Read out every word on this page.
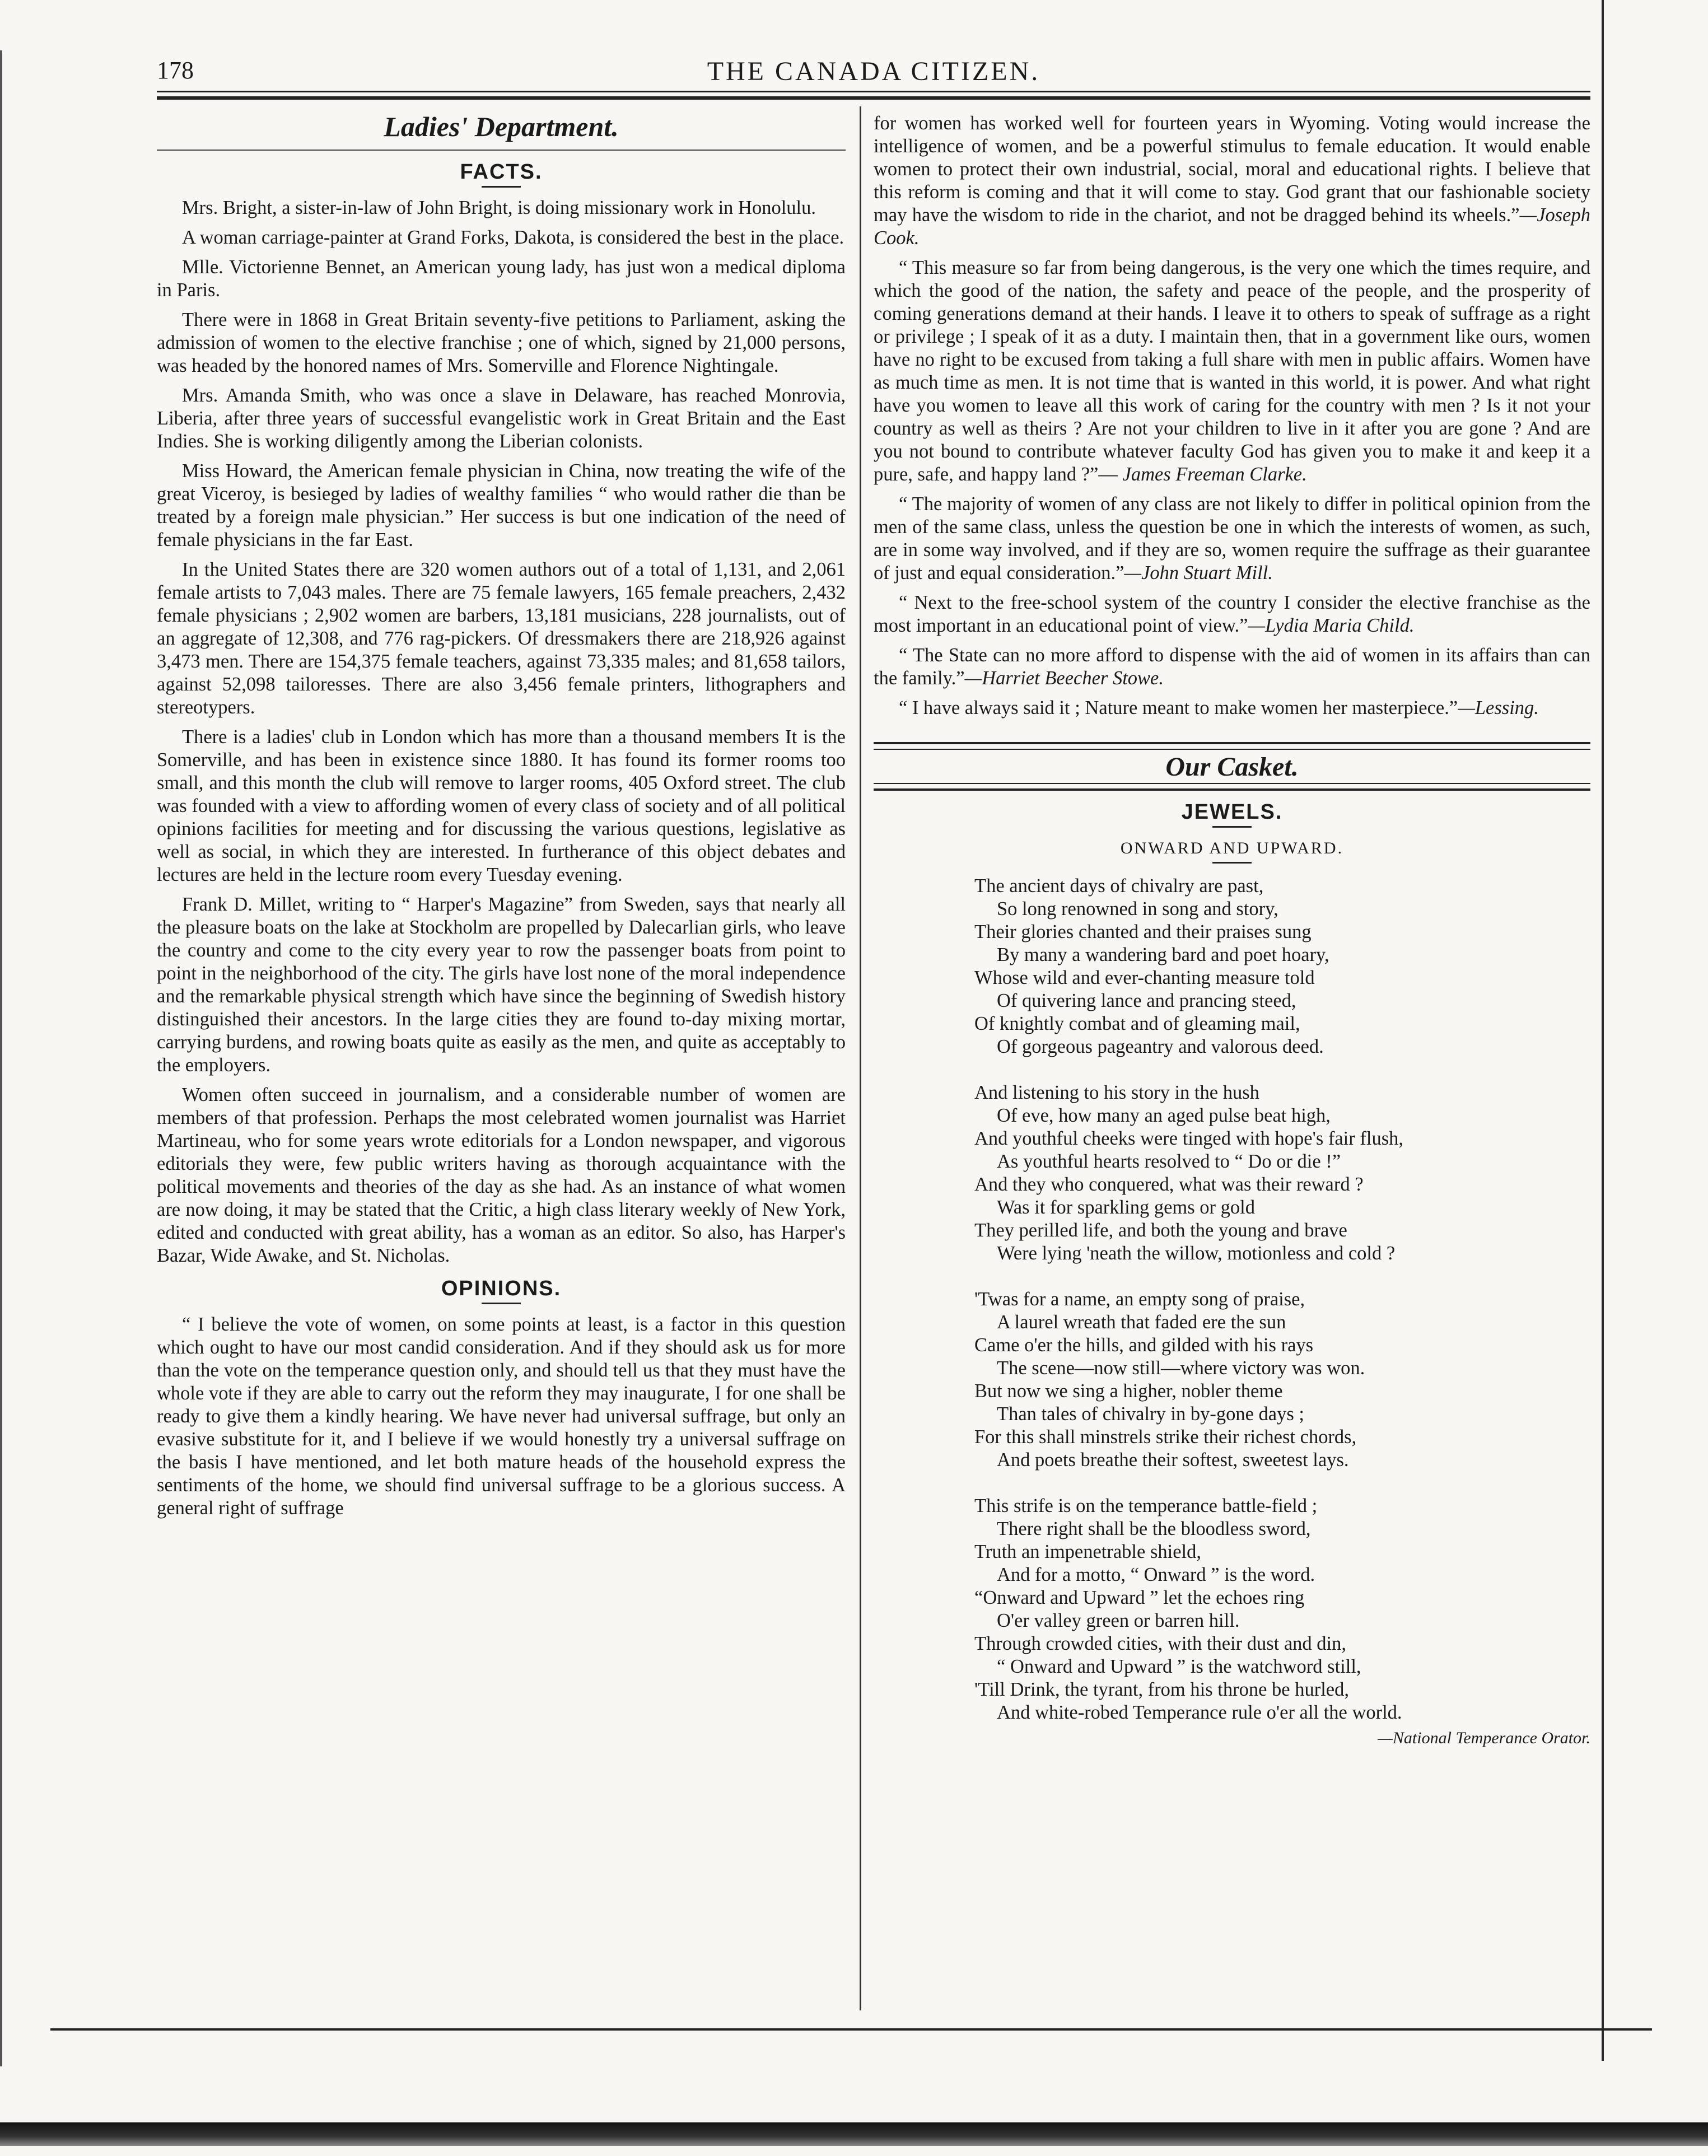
178	THE CANADA CITIZEN.
Ladies' Department.
FACTS.

Mrs. Bright, a sister-in-law of John Bright, is doing missionary work in Honolulu.

A woman carriage-painter at Grand Forks, Dakota, is considered the best in the place.

Mlle. Victorienne Bennet, an American young lady, has just won a medical diploma in Paris.

There were in 1868 in Great Britain seventy-five petitions to Parliament, asking the admission of women to the elective franchise ; one of which, signed by 21,000 persons, was headed by the honored names of Mrs. Somerville and Florence Nightingale.

Mrs. Amanda Smith, who was once a slave in Delaware, has reached Monrovia, Liberia, after three years of successful evangelistic work in Great Britain and the East Indies. She is working diligently among the Liberian colonists.

Miss Howard, the American female physician in China, now treating the wife of the great Viceroy, is besieged by ladies of wealthy families “ who would rather die than be treated by a foreign male physician.” Her success is but one indication of the need of female physicians in the far East.

In the United States there are 320 women authors out of a total of 1,131, and 2,061 female artists to 7,043 males. There are 75 female lawyers, 165 female preachers, 2,432 female physicians ; 2,902 women are barbers, 13,181 musicians, 228 journalists, out of an aggregate of 12,308, and 776 rag-pickers. Of dressmakers there are 218,926 against 3,473 men. There are 154,375 female teachers, against 73,335 males; and 81,658 tailors, against 52,098 tailoresses. There are also 3,456 female printers, lithographers and stereotypers.

There is a ladies' club in London which has more than a thousand members It is the Somerville, and has been in existence since 1880. It has found its former rooms too small, and this month the club will remove to larger rooms, 405 Oxford street. The club was founded with a view to affording women of every class of society and of all political opinions facilities for meeting and for discussing the various questions, legislative as well as social, in which they are interested. In furtherance of this object debates and lectures are held in the lecture room every Tuesday evening.

Frank D. Millet, writing to “ Harper's Magazine” from Sweden, says that nearly all the pleasure boats on the lake at Stockholm are propelled by Dalecarlian girls, who leave the country and come to the city every year to row the passenger boats from point to point in the neighborhood of the city. The girls have lost none of the moral independence and the remarkable physical strength which have since the beginning of Swedish history distinguished their ancestors. In the large cities they are found to-day mixing mortar, carrying burdens, and rowing boats quite as easily as the men, and quite as acceptably to the employers.

Women often succeed in journalism, and a considerable number of women are members of that profession. Perhaps the most celebrated women journalist was Harriet Martineau, who for some years wrote editorials for a London newspaper, and vigorous editorials they were, few public writers having as thorough acquaintance with the political movements and theories of the day as she had. As an instance of what women are now doing, it may be stated that the Critic, a high class literary weekly of New York, edited and conducted with great ability, has a woman as an editor. So also, has Harper's Bazar, Wide Awake, and St. Nicholas.

OPINIONS.

“ I believe the vote of women, on some points at least, is a factor in this question which ought to have our most candid consideration. And if they should ask us for more than the vote on the temperance question only, and should tell us that they must have the whole vote if they are able to carry out the reform they may inaugurate, I for one shall be ready to give them a kindly hearing. We have never had universal suffrage, but only an evasive substitute for it, and I believe if we would honestly try a universal suffrage on the basis I have mentioned, and let both mature heads of the household express the sentiments of the home, we should find universal suffrage to be a glorious success. A general right of suffrage

for women has worked well for fourteen years in Wyoming. Voting would increase the intelligence of women, and be a powerful stimulus to female education. It would enable women to protect their own industrial, social, moral and educational rights. I believe that this reform is coming and that it will come to stay. God grant that our fashionable society may have the wisdom to ride in the chariot, and not be dragged behind its wheels.”—Joseph Cook.

“ This measure so far from being dangerous, is the very one which the times require, and which the good of the nation, the safety and peace of the people, and the prosperity of coming generations demand at their hands. I leave it to others to speak of suffrage as a right or privilege ; I speak of it as a duty. I maintain then, that in a government like ours, women have no right to be excused from taking a full share with men in public affairs. Women have as much time as men. It is not time that is wanted in this world, it is power. And what right have you women to leave all this work of caring for the country with men ? Is it not your country as well as theirs ? Are not your children to live in it after you are gone ? And are you not bound to contribute whatever faculty God has given you to make it and keep it a pure, safe, and happy land ?”— James Freeman Clarke.

“ The majority of women of any class are not likely to differ in political opinion from the men of the same class, unless the question be one in which the interests of women, as such, are in some way involved, and if they are so, women require the suffrage as their guarantee of just and equal consideration.”—John Stuart Mill.

“ Next to the free-school system of the country I consider the elective franchise as the most important in an educational point of view.”—Lydia Maria Child.

“ The State can no more afford to dispense with the aid of women in its affairs than can the family.”—Harriet Beecher Stowe.

“ I have always said it ; Nature meant to make women her masterpiece.”—Lessing.

Our Casket.
JEWELS.
ONWARD AND UPWARD.
The ancient days of chivalry are past,
So long renowned in song and story,
Their glories chanted and their praises sung
By many a wandering bard and poet hoary,
Whose wild and ever-chanting measure told
Of quivering lance and prancing steed,
Of knightly combat and of gleaming mail,
Of gorgeous pageantry and valorous deed.
And listening to his story in the hush
Of eve, how many an aged pulse beat high,
And youthful cheeks were tinged with hope's fair flush,
As youthful hearts resolved to “ Do or die !”
And they who conquered, what was their reward ?
Was it for sparkling gems or gold
They perilled life, and both the young and brave
Were lying 'neath the willow, motionless and cold ?
'Twas for a name, an empty song of praise,
A laurel wreath that faded ere the sun
Came o'er the hills, and gilded with his rays
The scene—now still—where victory was won.
But now we sing a higher, nobler theme
Than tales of chivalry in by-gone days ;
For this shall minstrels strike their richest chords,
And poets breathe their softest, sweetest lays.
This strife is on the temperance battle-field ;
There right shall be the bloodless sword,
Truth an impenetrable shield,
And for a motto, “ Onward ” is the word.
“Onward and Upward ” let the echoes ring
O'er valley green or barren hill.
Through crowded cities, with their dust and din,
“ Onward and Upward ” is the watchword still,
'Till Drink, the tyrant, from his throne be hurled,
And white-robed Temperance rule o'er all the world.
—National Temperance Orator.
